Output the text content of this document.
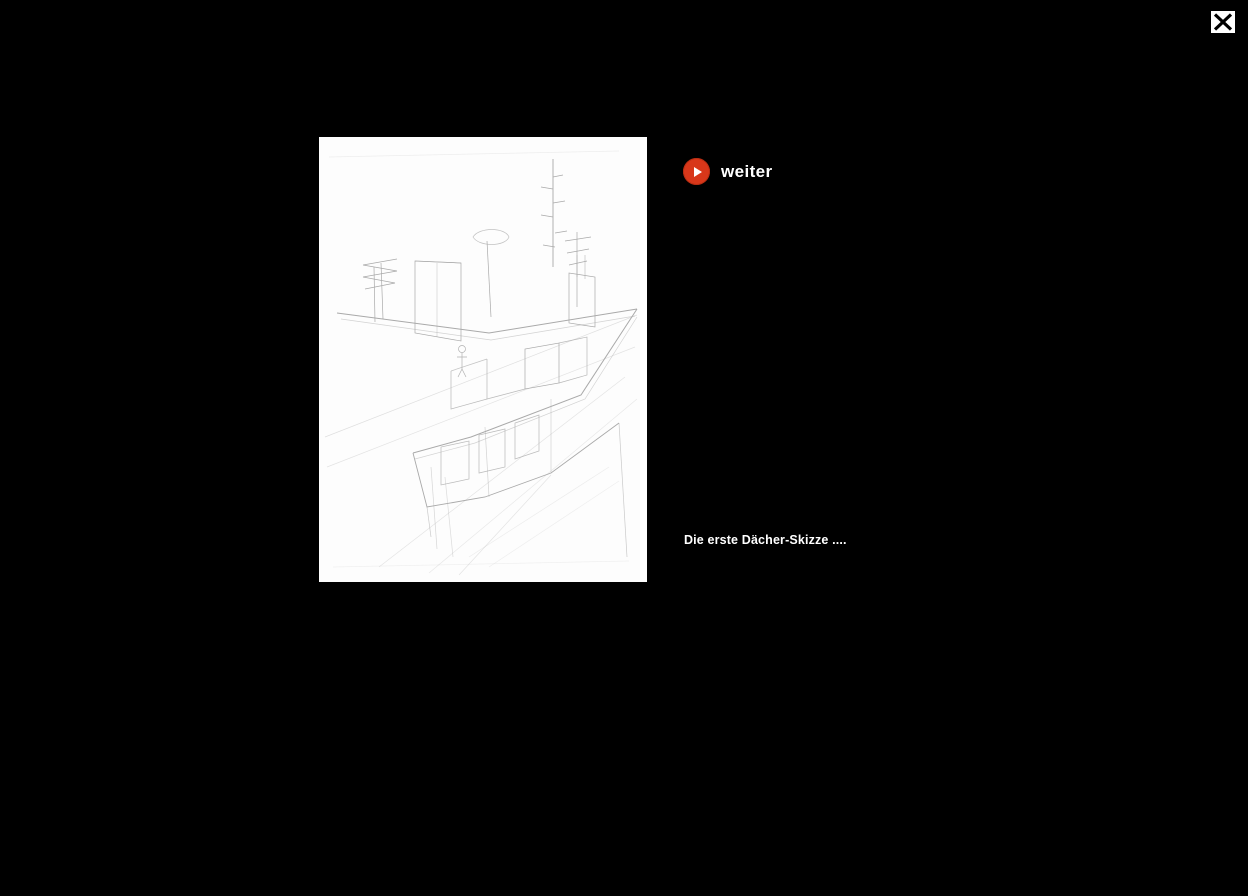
weiter
Die erste Dächer-Skizze ....
